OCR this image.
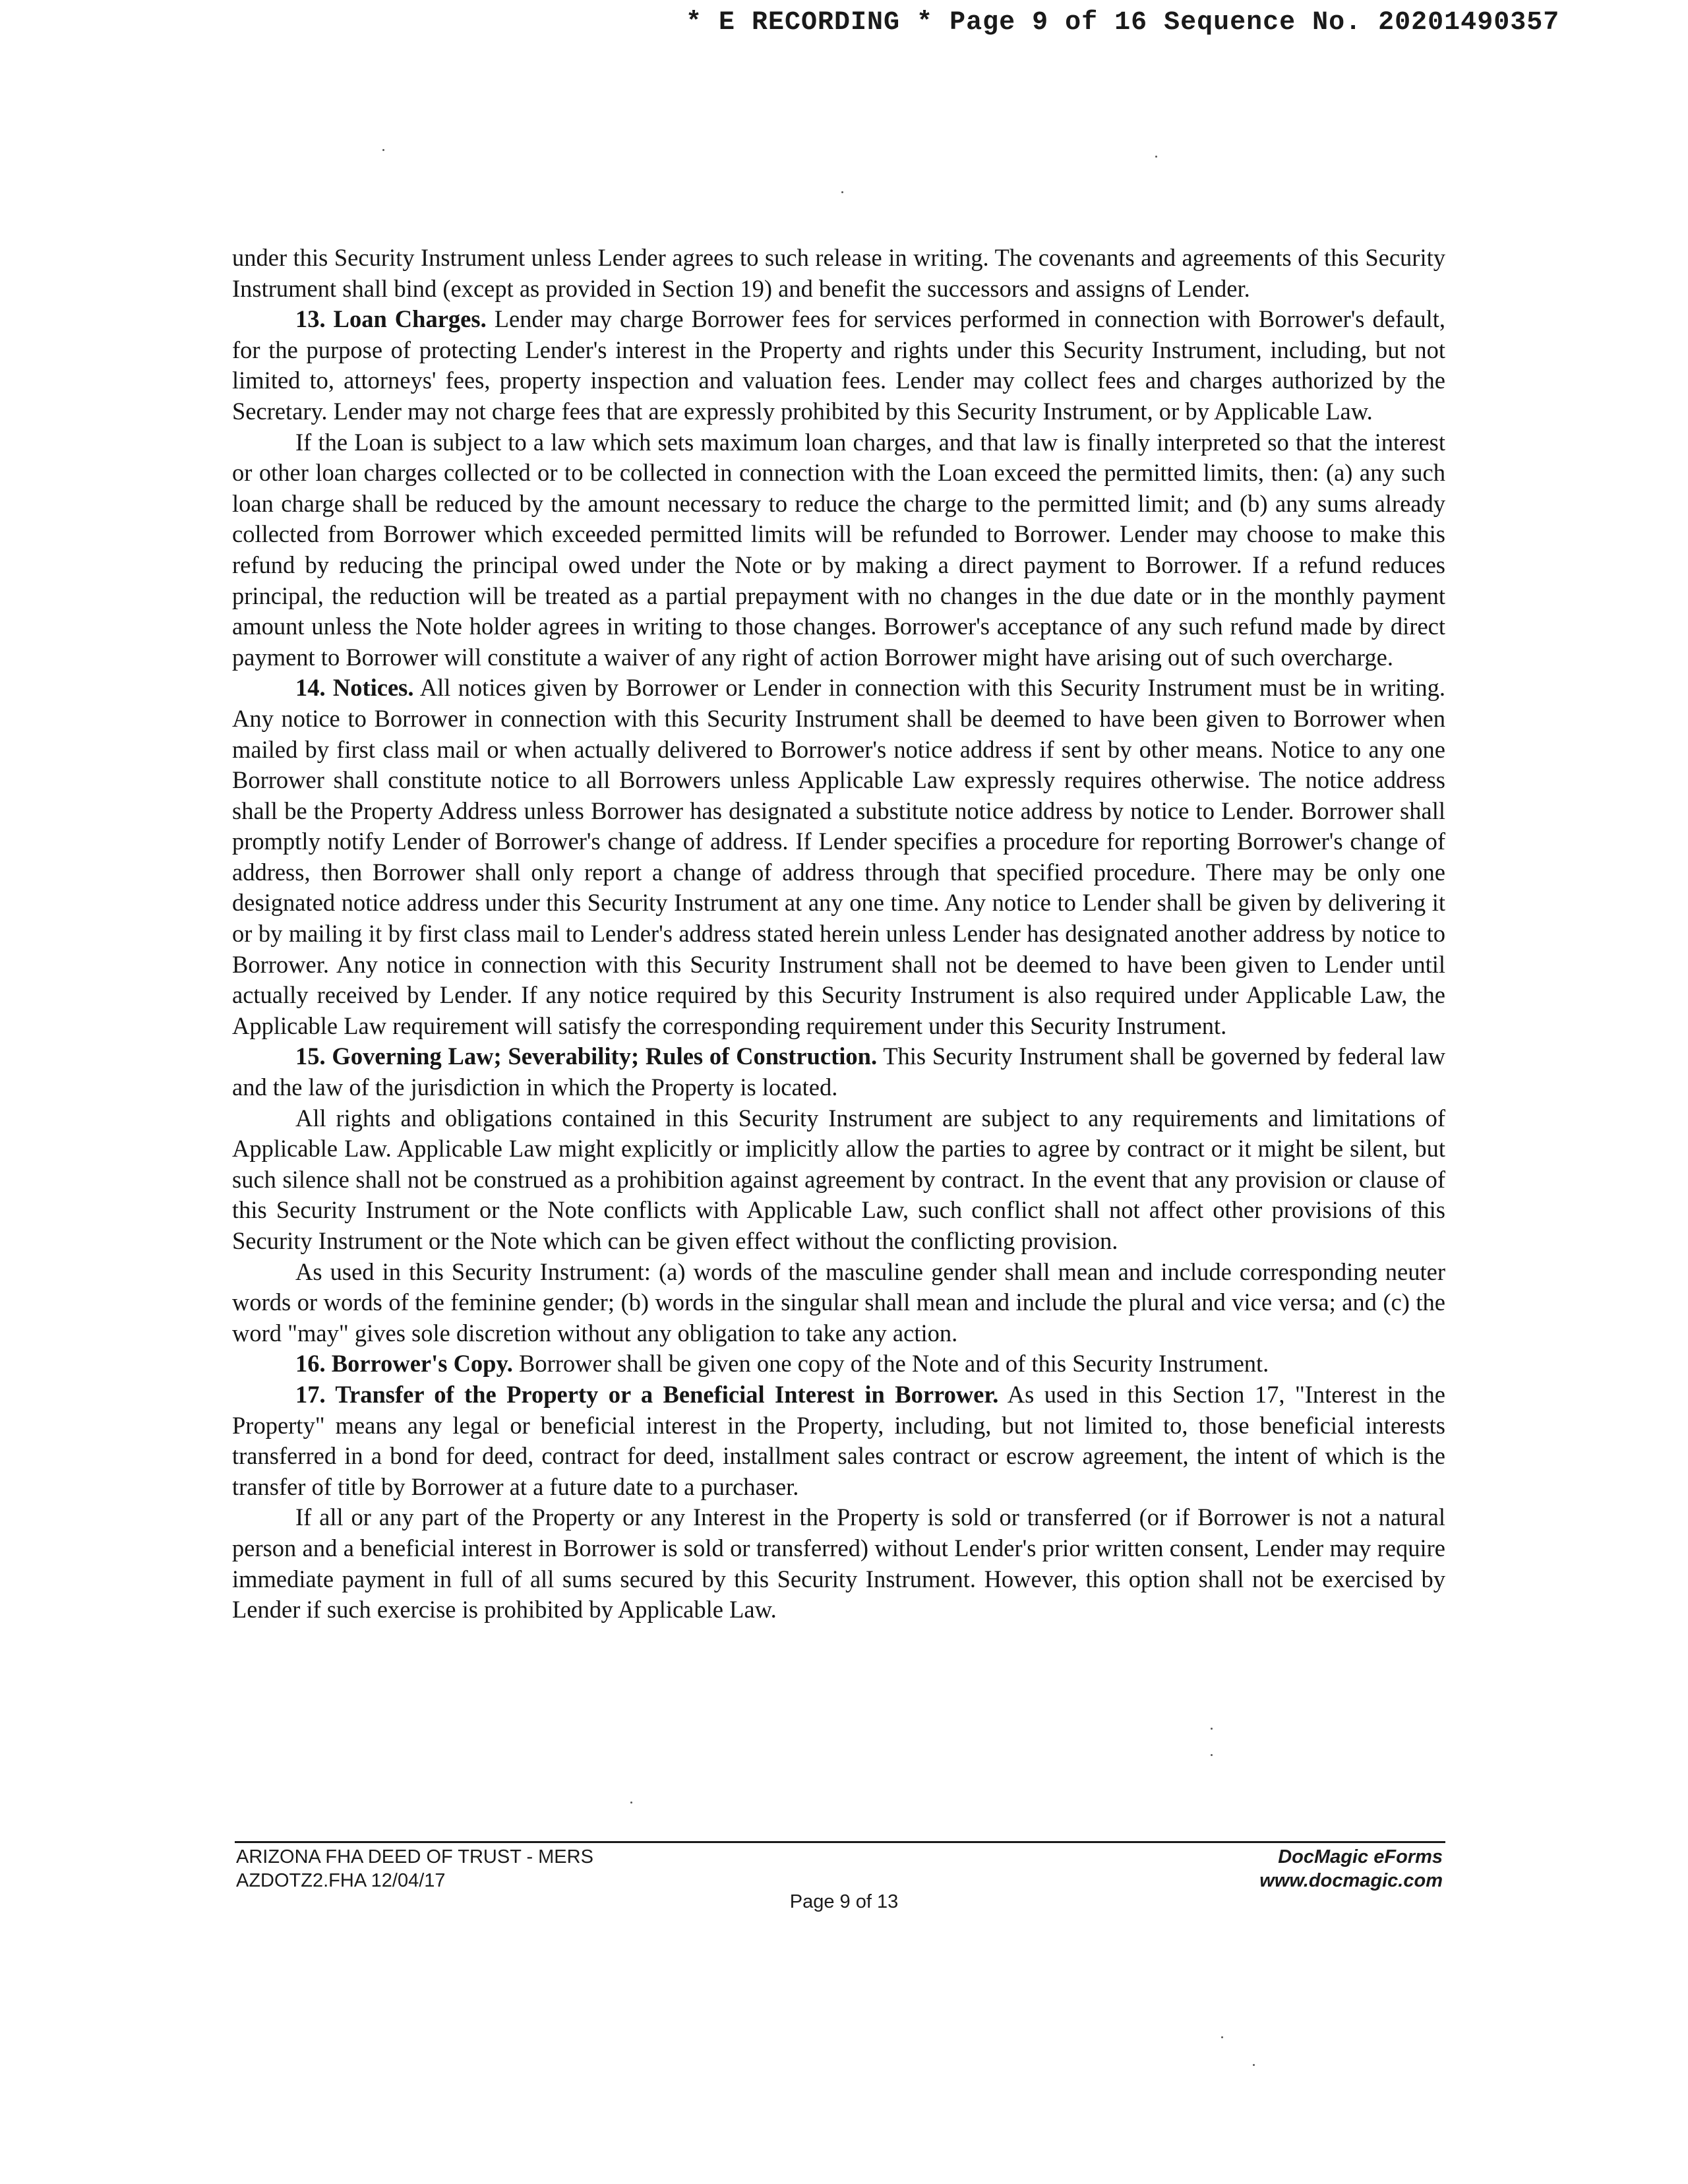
* E RECORDING * Page 9 of 16 Sequence No. 20201490357

under this Security Instrument unless Lender agrees to such release in writing. The covenants and agreements of this Security Instrument shall bind (except as provided in Section 19) and benefit the successors and assigns of Lender.

13. Loan Charges. Lender may charge Borrower fees for services performed in connection with Borrower's default, for the purpose of protecting Lender's interest in the Property and rights under this Security Instrument, including, but not limited to, attorneys' fees, property inspection and valuation fees. Lender may collect fees and charges authorized by the Secretary. Lender may not charge fees that are expressly prohibited by this Security Instrument, or by Applicable Law.

If the Loan is subject to a law which sets maximum loan charges, and that law is finally interpreted so that the interest or other loan charges collected or to be collected in connection with the Loan exceed the permitted limits, then: (a) any such loan charge shall be reduced by the amount necessary to reduce the charge to the permitted limit; and (b) any sums already collected from Borrower which exceeded permitted limits will be refunded to Borrower. Lender may choose to make this refund by reducing the principal owed under the Note or by making a direct payment to Borrower. If a refund reduces principal, the reduction will be treated as a partial prepayment with no changes in the due date or in the monthly payment amount unless the Note holder agrees in writing to those changes. Borrower's acceptance of any such refund made by direct payment to Borrower will constitute a waiver of any right of action Borrower might have arising out of such overcharge.

14. Notices. All notices given by Borrower or Lender in connection with this Security Instrument must be in writing. Any notice to Borrower in connection with this Security Instrument shall be deemed to have been given to Borrower when mailed by first class mail or when actually delivered to Borrower's notice address if sent by other means. Notice to any one Borrower shall constitute notice to all Borrowers unless Applicable Law expressly requires otherwise. The notice address shall be the Property Address unless Borrower has designated a substitute notice address by notice to Lender. Borrower shall promptly notify Lender of Borrower's change of address. If Lender specifies a procedure for reporting Borrower's change of address, then Borrower shall only report a change of address through that specified procedure. There may be only one designated notice address under this Security Instrument at any one time. Any notice to Lender shall be given by delivering it or by mailing it by first class mail to Lender's address stated herein unless Lender has designated another address by notice to Borrower. Any notice in connection with this Security Instrument shall not be deemed to have been given to Lender until actually received by Lender. If any notice required by this Security Instrument is also required under Applicable Law, the Applicable Law requirement will satisfy the corresponding requirement under this Security Instrument.

15. Governing Law; Severability; Rules of Construction. This Security Instrument shall be governed by federal law and the law of the jurisdiction in which the Property is located.

All rights and obligations contained in this Security Instrument are subject to any requirements and limitations of Applicable Law. Applicable Law might explicitly or implicitly allow the parties to agree by contract or it might be silent, but such silence shall not be construed as a prohibition against agreement by contract. In the event that any provision or clause of this Security Instrument or the Note conflicts with Applicable Law, such conflict shall not affect other provisions of this Security Instrument or the Note which can be given effect without the conflicting provision.

As used in this Security Instrument: (a) words of the masculine gender shall mean and include corresponding neuter words or words of the feminine gender; (b) words in the singular shall mean and include the plural and vice versa; and (c) the word "may" gives sole discretion without any obligation to take any action.

16. Borrower's Copy. Borrower shall be given one copy of the Note and of this Security Instrument.

17. Transfer of the Property or a Beneficial Interest in Borrower. As used in this Section 17, "Interest in the Property" means any legal or beneficial interest in the Property, including, but not limited to, those beneficial interests transferred in a bond for deed, contract for deed, installment sales contract or escrow agreement, the intent of which is the transfer of title by Borrower at a future date to a purchaser.

If all or any part of the Property or any Interest in the Property is sold or transferred (or if Borrower is not a natural person and a beneficial interest in Borrower is sold or transferred) without Lender's prior written consent, Lender may require immediate payment in full of all sums secured by this Security Instrument. However, this option shall not be exercised by Lender if such exercise is prohibited by Applicable Law.

ARIZONA FHA DEED OF TRUST - MERS
AZDOTZ2.FHA 12/04/17
DocMagic eForms
www.docmagic.com
Page 9 of 13
